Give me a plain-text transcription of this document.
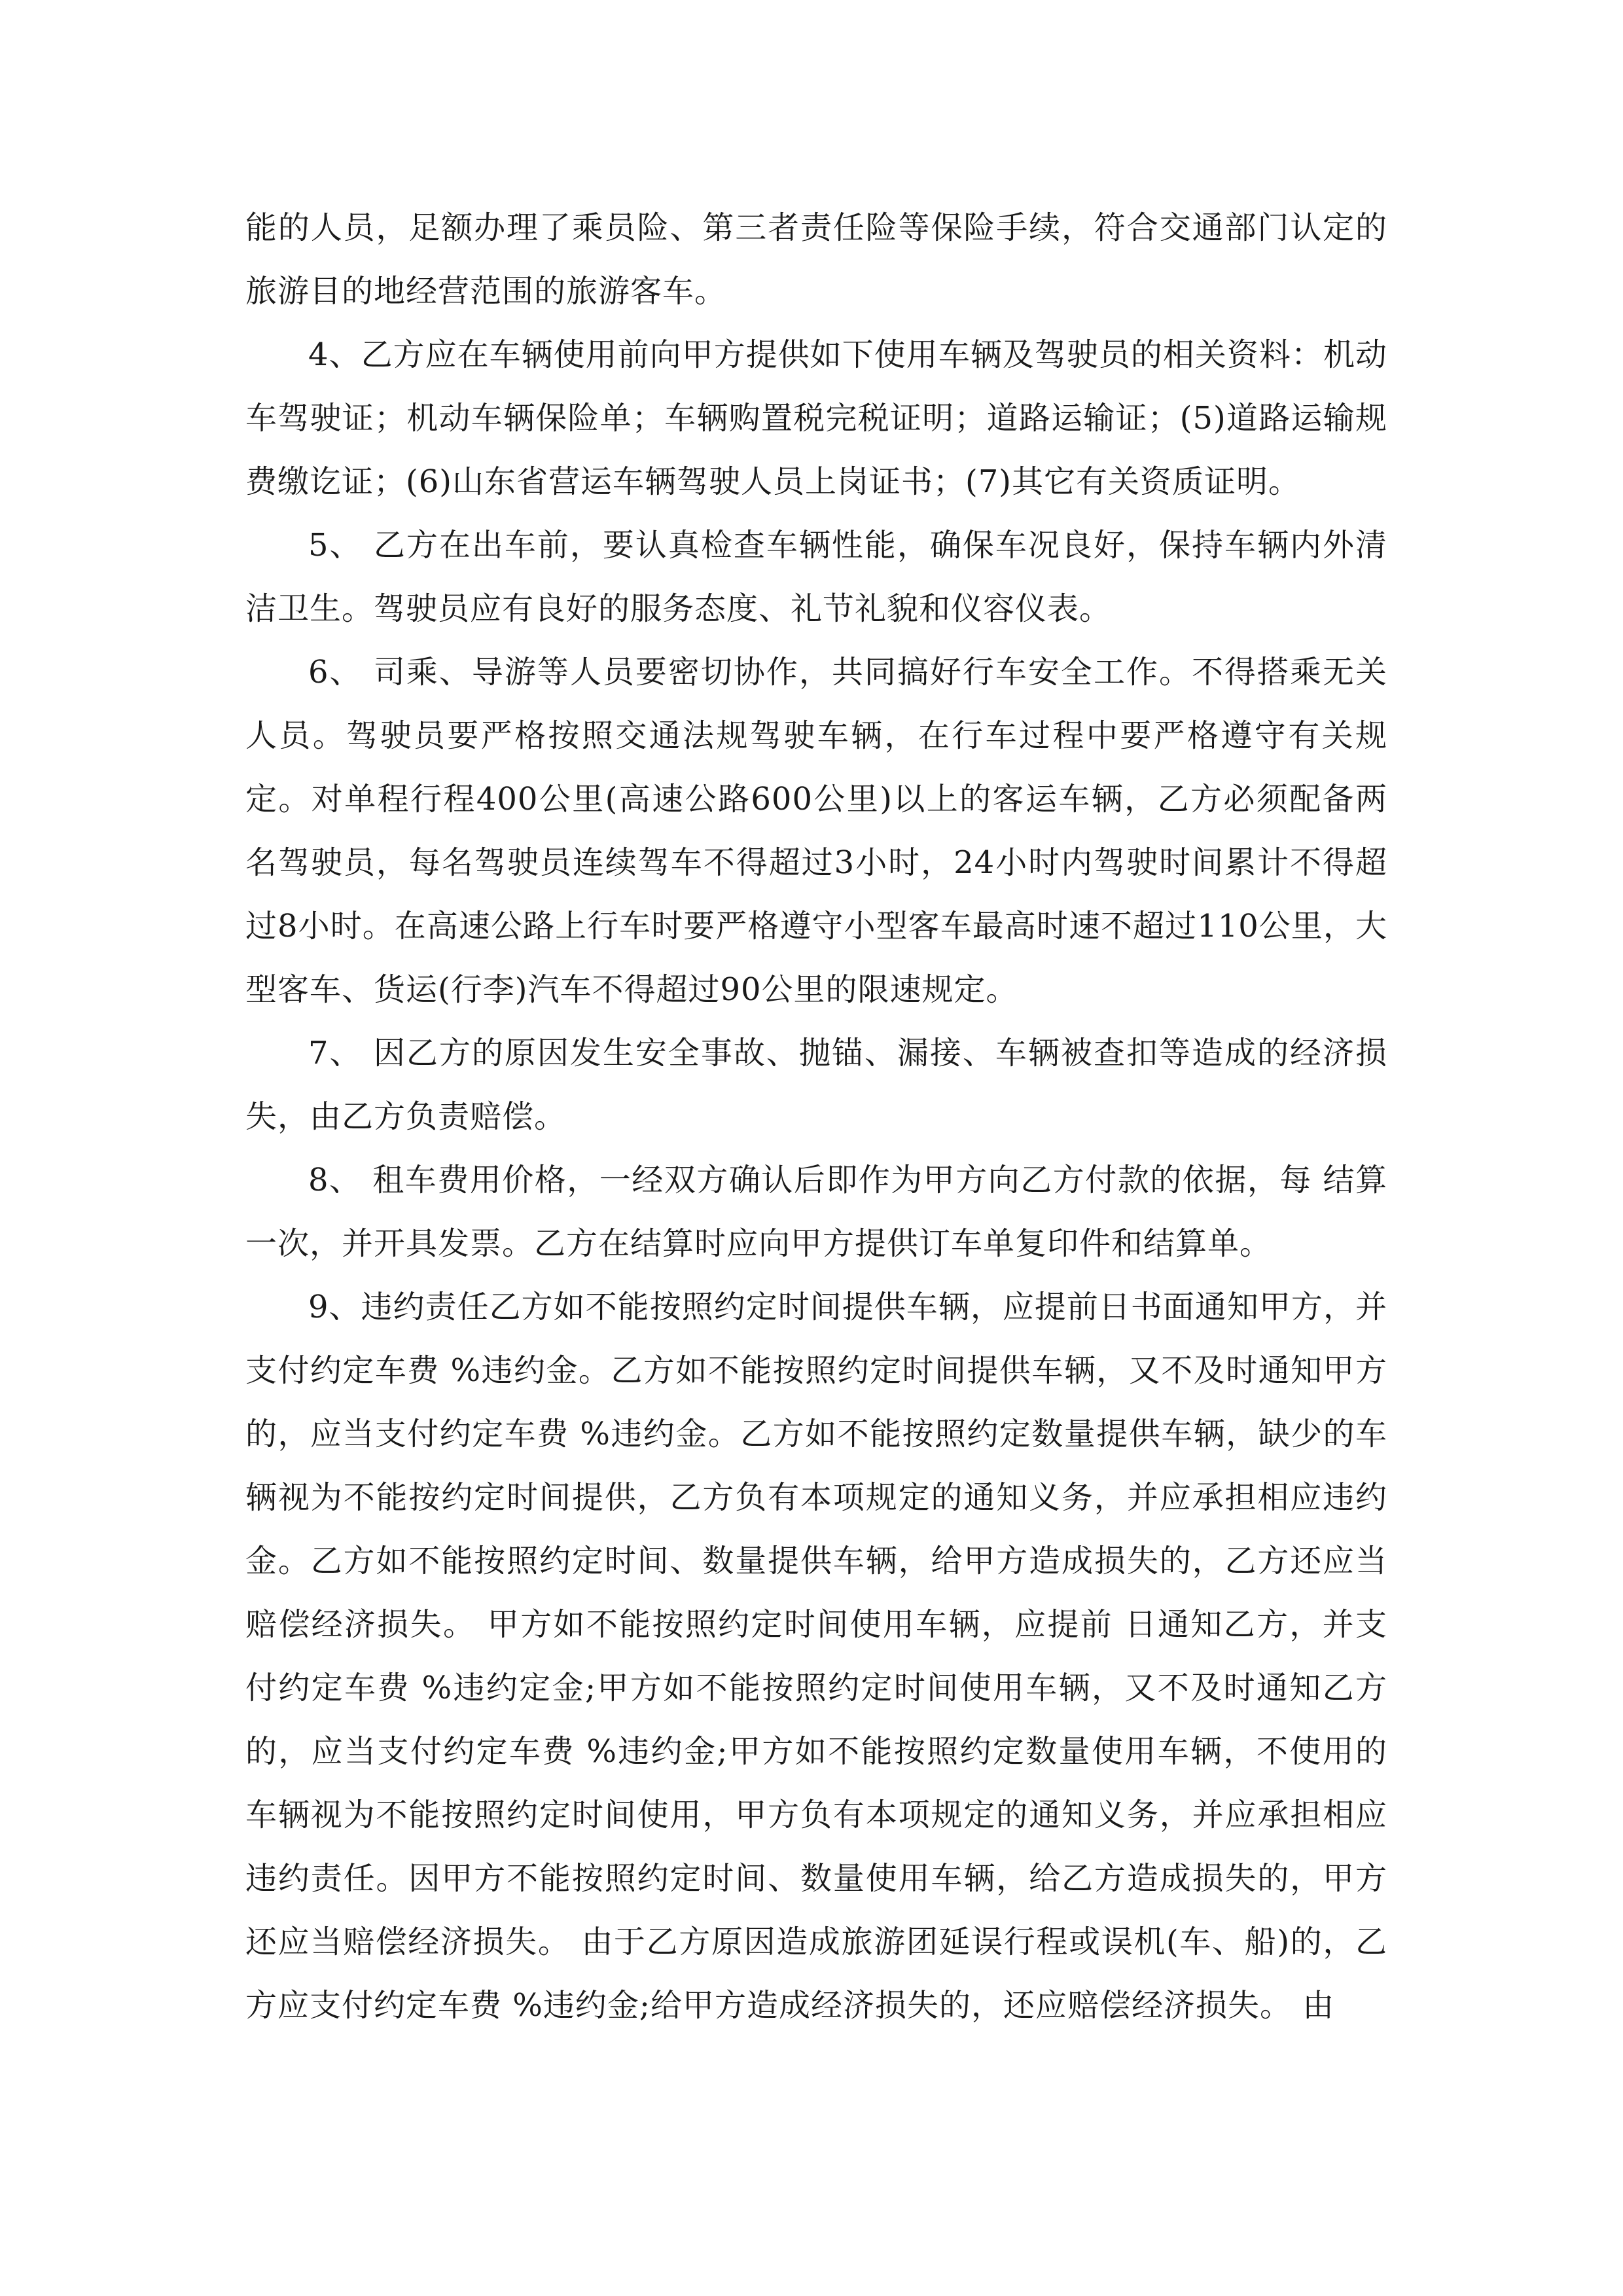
能的人员，足额办理了乘员险、第三者责任险等保险手续，符合交通部门认定的旅游目的地经营范围的旅游客车。

4、乙方应在车辆使用前向甲方提供如下使用车辆及驾驶员的相关资料：机动车驾驶证；机动车辆保险单；车辆购置税完税证明；道路运输证；(5)道路运输规费缴讫证；(6)山东省营运车辆驾驶人员上岗证书；(7)其它有关资质证明。

5、 乙方在出车前，要认真检查车辆性能，确保车况良好，保持车辆内外清洁卫生。驾驶员应有良好的服务态度、礼节礼貌和仪容仪表。

6、 司乘、导游等人员要密切协作，共同搞好行车安全工作。不得搭乘无关人员。驾驶员要严格按照交通法规驾驶车辆，在行车过程中要严格遵守有关规定。对单程行程400公里(高速公路600公里)以上的客运车辆，乙方必须配备两名驾驶员，每名驾驶员连续驾车不得超过3小时，24小时内驾驶时间累计不得超过8小时。在高速公路上行车时要严格遵守小型客车最高时速不超过110公里，大型客车、货运(行李)汽车不得超过90公里的限速规定。

7、 因乙方的原因发生安全事故、抛锚、漏接、车辆被查扣等造成的经济损失，由乙方负责赔偿。

8、 租车费用价格，一经双方确认后即作为甲方向乙方付款的依据，每 结算一次，并开具发票。乙方在结算时应向甲方提供订车单复印件和结算单。

9、违约责任乙方如不能按照约定时间提供车辆，应提前日书面通知甲方，并支付约定车费 %违约金。乙方如不能按照约定时间提供车辆，又不及时通知甲方的，应当支付约定车费 %违约金。乙方如不能按照约定数量提供车辆，缺少的车辆视为不能按约定时间提供，乙方负有本项规定的通知义务，并应承担相应违约金。乙方如不能按照约定时间、数量提供车辆，给甲方造成损失的，乙方还应当赔偿经济损失。 甲方如不能按照约定时间使用车辆，应提前 日通知乙方，并支付约定车费 %违约定金;甲方如不能按照约定时间使用车辆，又不及时通知乙方的，应当支付约定车费 %违约金;甲方如不能按照约定数量使用车辆，不使用的车辆视为不能按照约定时间使用，甲方负有本项规定的通知义务，并应承担相应违约责任。因甲方不能按照约定时间、数量使用车辆，给乙方造成损失的，甲方还应当赔偿经济损失。 由于乙方原因造成旅游团延误行程或误机(车、船)的，乙方应支付约定车费 %违约金;给甲方造成经济损失的，还应赔偿经济损失。 由
